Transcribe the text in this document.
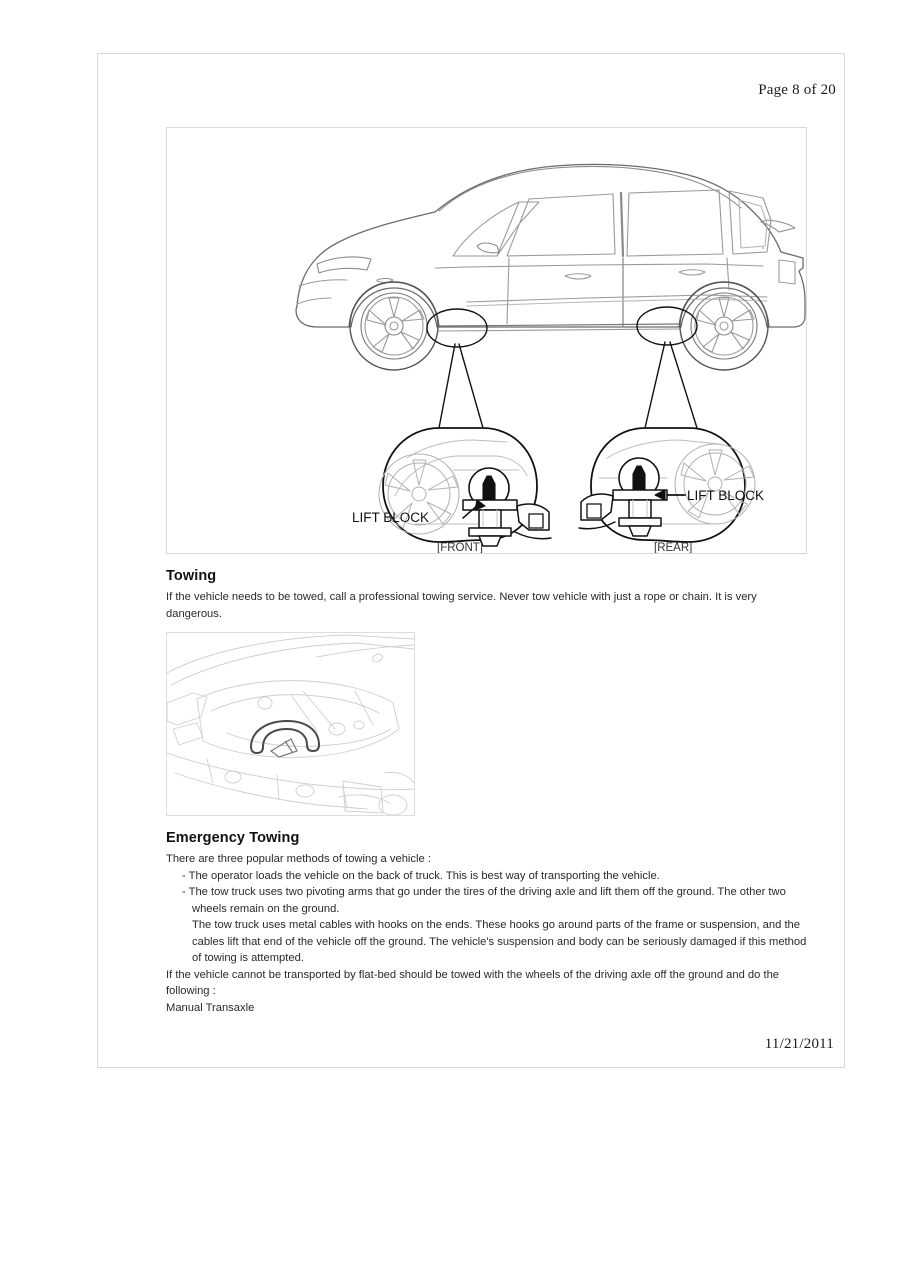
Page 8 of 20
LIFT BLOCK
LIFT BLOCK
[FRONT]	[REAR]
Towing

If the vehicle needs to be towed, call a professional towing service. Never tow vehicle with just a rope or chain. It is very dangerous.

Emergency Towing

There are three popular methods of towing a vehicle :

- The operator loads the vehicle on the back of truck. This is best way of transporting the vehicle.

- The tow truck uses two pivoting arms that go under the tires of the driving axle and lift them off the ground. The other two wheels remain on the ground.

The tow truck uses metal cables with hooks on the ends. These hooks go around parts of the frame or suspension, and the cables lift that end of the vehicle off the ground. The vehicle's suspension and body can be seriously damaged if this method of towing is attempted.

If the vehicle cannot be transported by flat-bed should be towed with the wheels of the driving axle off the ground and do the following :

Manual Transaxle

11/21/2011
